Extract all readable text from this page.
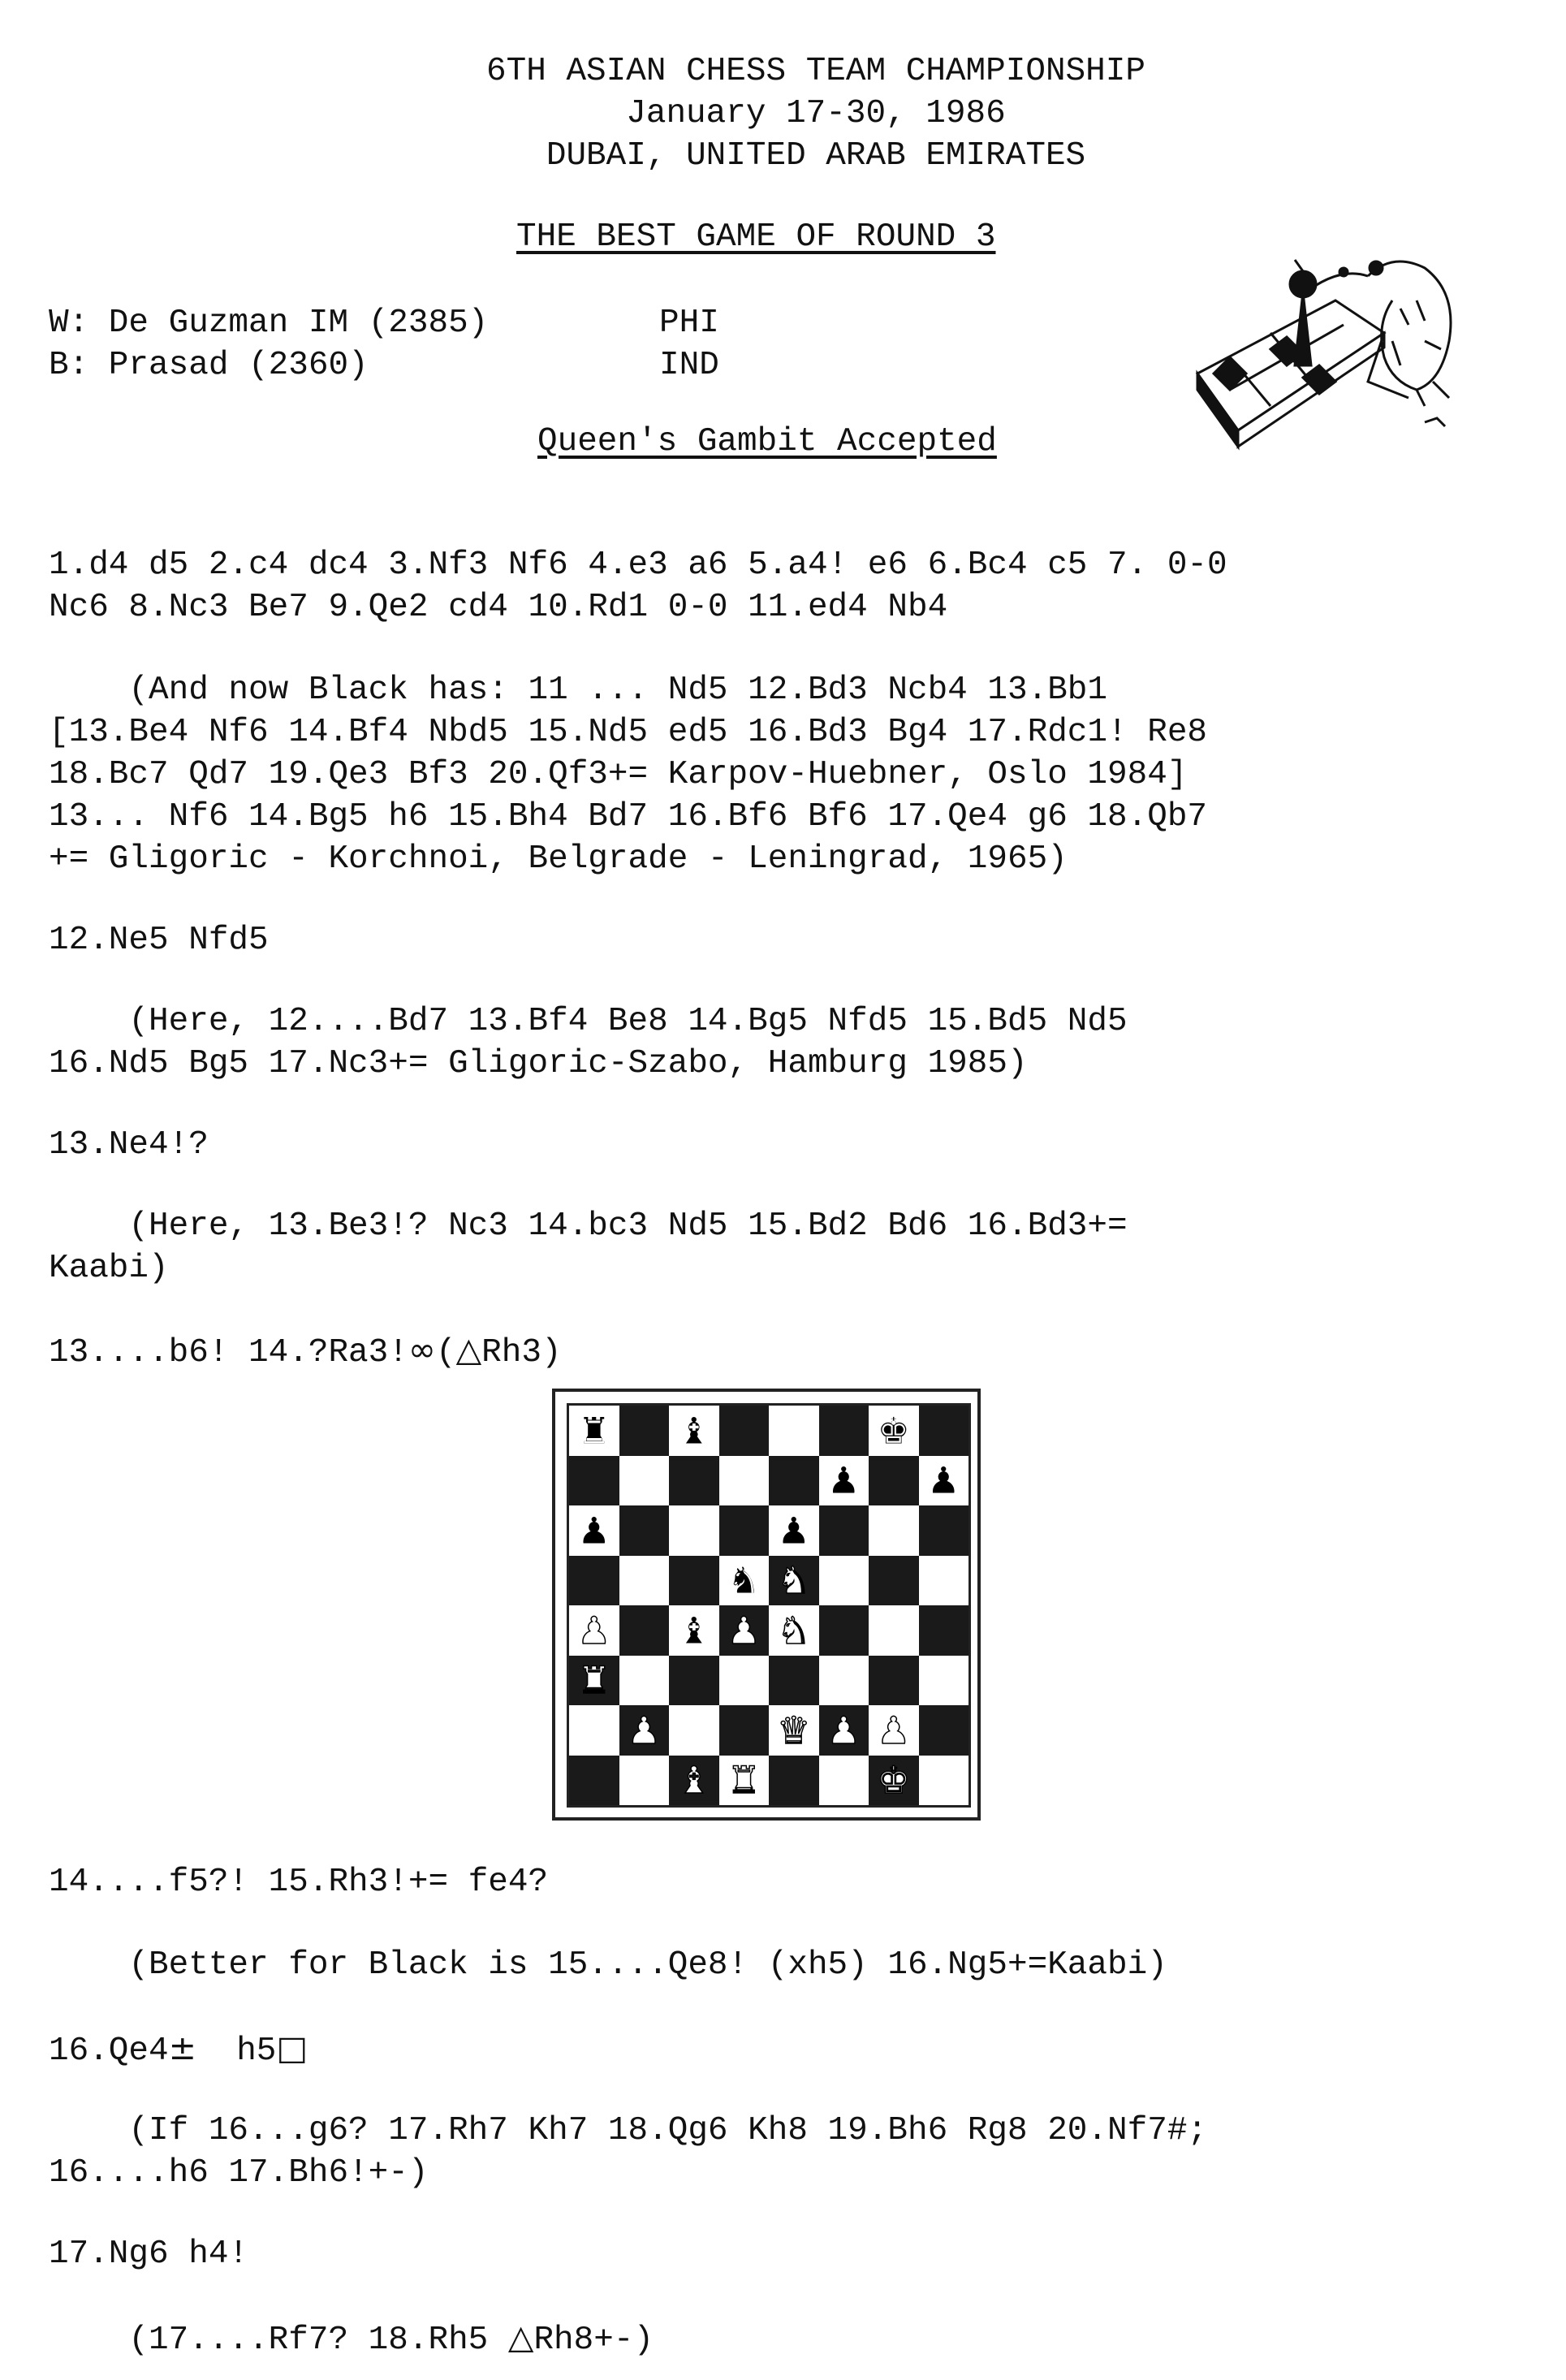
6TH ASIAN CHESS TEAM CHAMPIONSHIP
January 17-30, 1986
DUBAI, UNITED ARAB EMIRATES
THE BEST GAME OF ROUND 3
W: De Guzman IM (2385)	PHI
B: Prasad (2360)	IND
Queen's Gambit Accepted
1.d4 d5 2.c4 dc4 3.Nf3 Nf6 4.e3 a6 5.a4! e6 6.Bc4 c5 7. 0-0
Nc6 8.Nc3 Be7 9.Qe2 cd4 10.Rd1 0-0 11.ed4 Nb4
(And now Black has: 11 ... Nd5 12.Bd3 Ncb4 13.Bb1
[13.Be4 Nf6 14.Bf4 Nbd5 15.Nd5 ed5 16.Bd3 Bg4 17.Rdc1! Re8
18.Bc7 Qd7 19.Qe3 Bf3 20.Qf3+= Karpov-Huebner, Oslo 1984]
13... Nf6 14.Bg5 h6 15.Bh4 Bd7 16.Bf6 Bf6 17.Qe4 g6 18.Qb7
+= Gligoric - Korchnoi, Belgrade - Leningrad, 1965)
12.Ne5 Nfd5
(Here, 12....Bd7 13.Bf4 Be8 14.Bg5 Nfd5 15.Bd5 Nd5
16.Nd5 Bg5 17.Nc3+= Gligoric-Szabo, Hamburg 1985)
13.Ne4!?
(Here, 13.Be3!? Nc3 14.bc3 Nd5 15.Bd2 Bd6 16.Bd3+=
Kaabi)
13....b6! 14.?Ra3!∞(△Rh3)
♜ ♝	♚
♟ ♟
♟	♟
♞ ♞
♟ ♝ ♟ ♞
♜
♟	♛ ♟ ♟
♝ ♜	♚
14....f5?! 15.Rh3!+= fe4?
(Better for Black is 15....Qe8! (xh5) 16.Ng5+=Kaabi)
16.Qe4±  h5□
(If 16...g6? 17.Rh7 Kh7 18.Qg6 Kh8 19.Bh6 Rg8 20.Nf7#;
16....h6 17.Bh6!+-)
17.Ng6 h4!
(17....Rf7? 18.Rh5 △Rh8+-)
